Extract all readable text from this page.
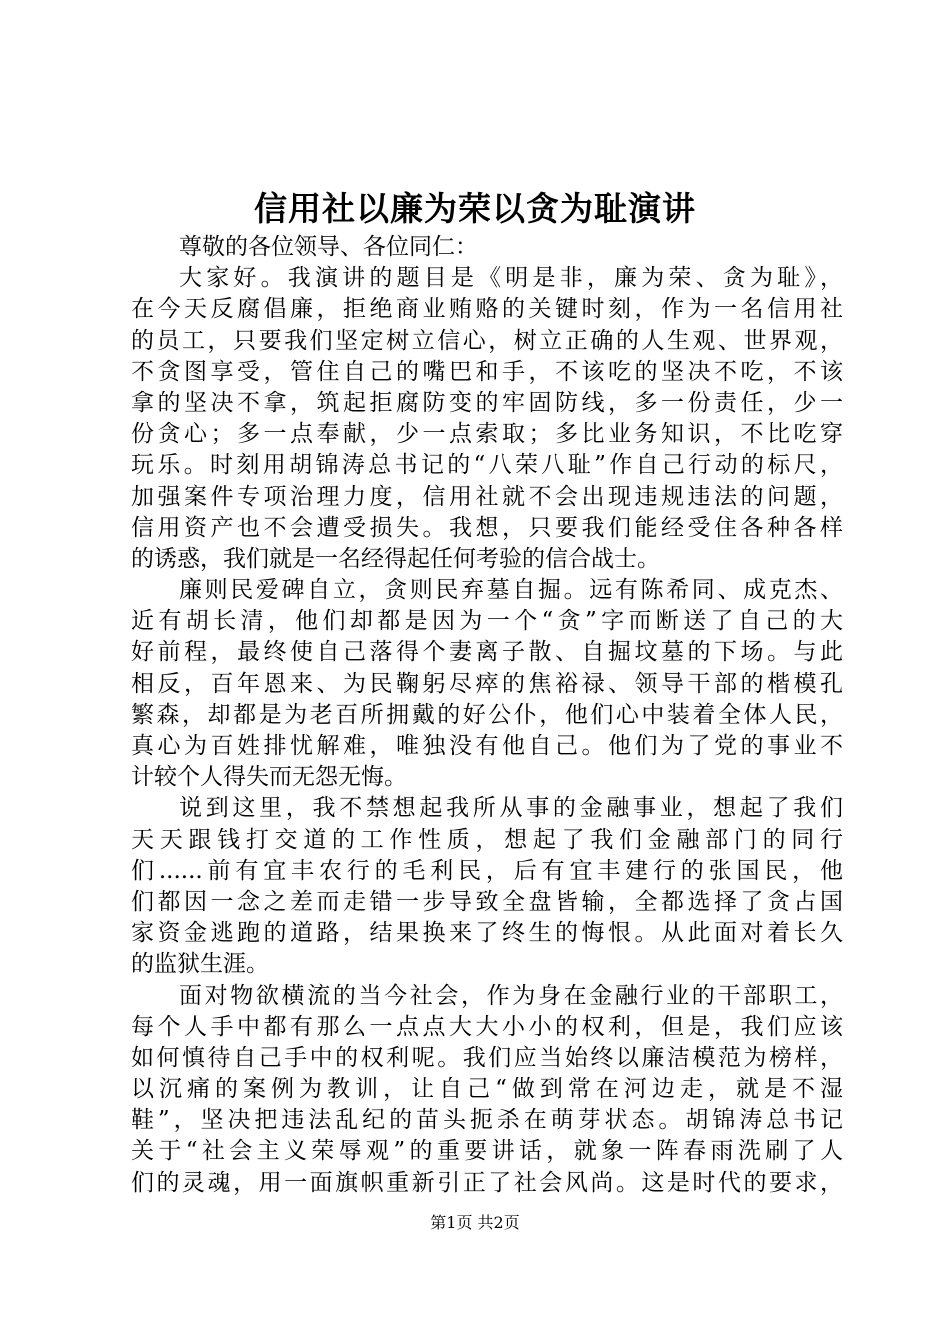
信用社以廉为荣以贪为耻演讲
尊敬的各位领导、各位同仁：
大家好。我演讲的题目是《明是非，廉为荣、贪为耻》，
在今天反腐倡廉，拒绝商业贿赂的关键时刻，作为一名信用社
的员工，只要我们坚定树立信心，树立正确的人生观、世界观，
不贪图享受，管住自己的嘴巴和手，不该吃的坚决不吃，不该
拿的坚决不拿，筑起拒腐防变的牢固防线，多一份责任，少一
份贪心；多一点奉献，少一点索取；多比业务知识，不比吃穿
玩乐。时刻用胡锦涛总书记的“八荣八耻”作自己行动的标尺，
加强案件专项治理力度，信用社就不会出现违规违法的问题，
信用资产也不会遭受损失。我想，只要我们能经受住各种各样
的诱惑，我们就是一名经得起任何考验的信合战士。
廉则民爱碑自立，贪则民弃墓自掘。远有陈希同、成克杰、
近有胡长清，他们却都是因为一个“贪”字而断送了自己的大
好前程，最终使自己落得个妻离子散、自掘坟墓的下场。与此
相反，百年恩来、为民鞠躬尽瘁的焦裕禄、领导干部的楷模孔
繁森，却都是为老百所拥戴的好公仆，他们心中装着全体人民，
真心为百姓排忧解难，唯独没有他自己。他们为了党的事业不
计较个人得失而无怨无悔。
说到这里，我不禁想起我所从事的金融事业，想起了我们
天天跟钱打交道的工作性质，想起了我们金融部门的同行
们......前有宜丰农行的毛利民，后有宜丰建行的张国民，他
们都因一念之差而走错一步导致全盘皆输，全都选择了贪占国
家资金逃跑的道路，结果换来了终生的悔恨。从此面对着长久
的监狱生涯。
面对物欲横流的当今社会，作为身在金融行业的干部职工，
每个人手中都有那么一点点大大小小的权利，但是，我们应该
如何慎待自己手中的权利呢。我们应当始终以廉洁模范为榜样，
以沉痛的案例为教训，让自己“做到常在河边走，就是不湿
鞋”，坚决把违法乱纪的苗头扼杀在萌芽状态。胡锦涛总书记
关于“社会主义荣辱观”的重要讲话，就象一阵春雨洗刷了人
们的灵魂，用一面旗帜重新引正了社会风尚。这是时代的要求，
第1页 共2页
